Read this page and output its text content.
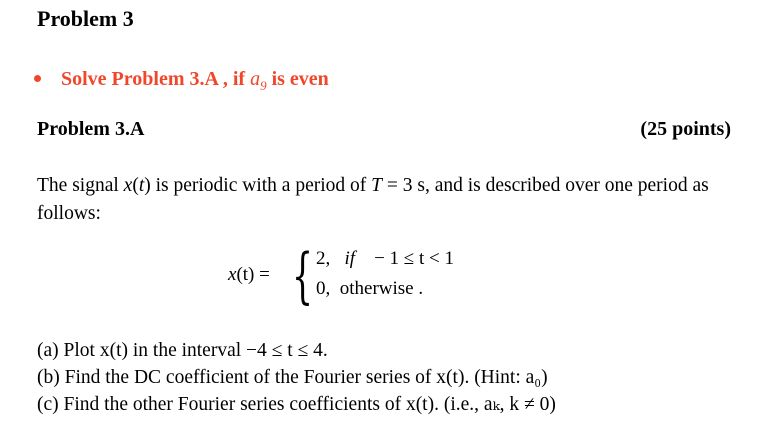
Problem 3
Solve Problem 3.A , if $a_9$ is even
Problem 3.A	(25 points)
The signal x(t) is periodic with a period of T = 3 s, and is described over one period as follows:
x(t) = { 2, if − 1 ≤ t < 1
0, otherwise .
(a) Plot x(t) in the interval −4 ≤ t ≤ 4.
(b) Find the DC coefficient of the Fourier series of x(t). (Hint: a₀)
(c) Find the other Fourier series coefficients of x(t). (i.e., aₖ, k ≠ 0)
